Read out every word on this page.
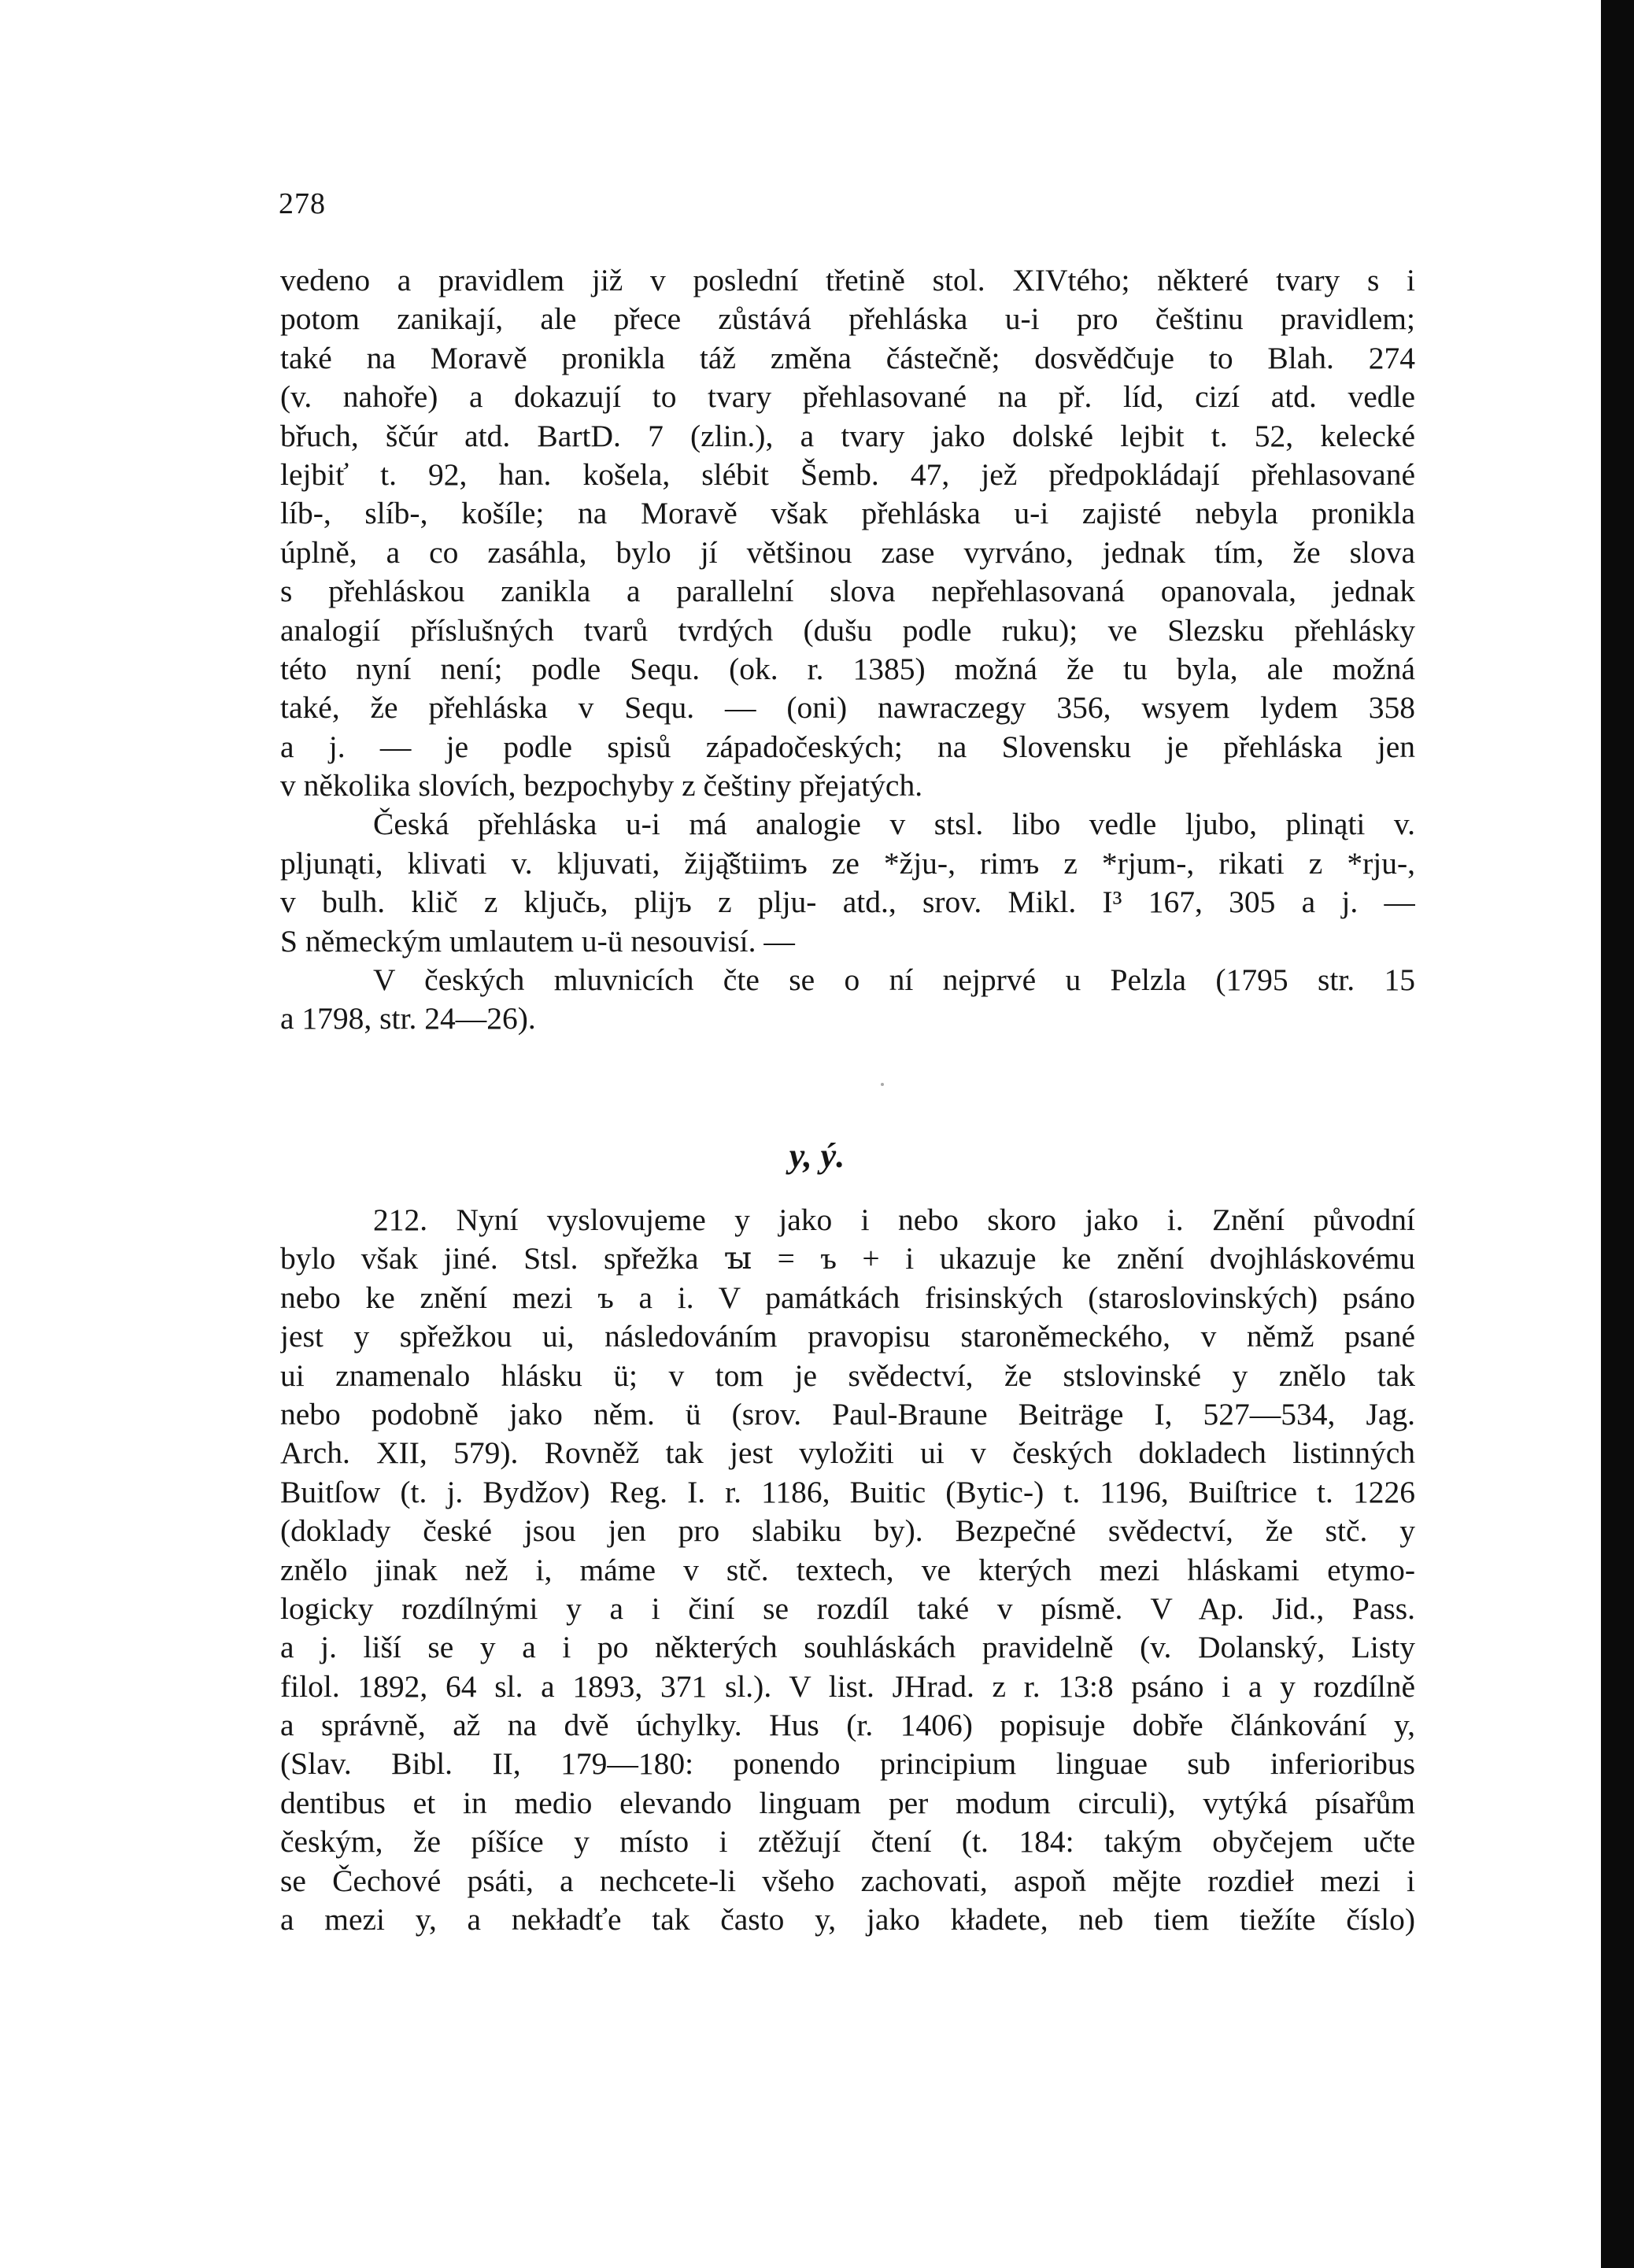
278
vedeno a pravidlem již v poslední třetině stol. XIVtého; některé tvary s i
potom zanikají, ale přece zůstává přehláska u-i pro češtinu pravidlem;
také na Moravě pronikla táž změna částečně; dosvědčuje to Blah. 274
(v. nahoře) a dokazují to tvary přehlasované na př. líd, cizí atd. vedle
břuch, ščúr atd. BartD. 7 (zlin.), a tvary jako dolské lejbit t. 52, kelecké
lejbiť t. 92, han. košela, slébit Šemb. 47, jež předpokládají přehlasované
líb-, slíb-, košíle; na Moravě však přehláska u-i zajisté nebyla pronikla
úplně, a co zasáhla, bylo jí většinou zase vyrváno, jednak tím, že slova
s přehláskou zanikla a parallelní slova nepřehlasovaná opanovala, jednak
analogií příslušných tvarů tvrdých (dušu podle ruku); ve Slezsku přehlásky
této nyní není; podle Sequ. (ok. r. 1385) možná že tu byla, ale možná
také, že přehláska v Sequ. — (oni) nawraczegy 356, wsyem lydem 358
a j. — je podle spisů západočeských; na Slovensku je přehláska jen
v několika slovích, bezpochyby z češtiny přejatých.
Česká přehláska u-i má analogie v stsl. libo vedle ljubo, plinąti v.
pljunąti, klivati v. kljuvati, žiją̌štiimъ ze *žju-, rimъ z *rjum-, rikati z *rju-,
v bulh. klič z ključь, plijъ z plju- atd., srov. Mikl. I³ 167, 305 a j. —
S německým umlautem u-ü nesouvisí. —
V českých mluvnicích čte se o ní nejprvé u Pelzla (1795 str. 15
a 1798, str. 24—26).
y, ý.
212. Nyní vyslovujeme y jako i nebo skoro jako i. Znění původní
bylo však jiné. Stsl. spřežka ꙑ = ъ + i ukazuje ke znění dvojhláskovému
nebo ke znění mezi ъ a i. V památkách frisinských (staroslovinských) psáno
jest y spřežkou ui, následováním pravopisu staroněmeckého, v němž psané
ui znamenalo hlásku ü; v tom je svědectví, že stslovinské y znělo tak
nebo podobně jako něm. ü (srov. Paul-Braune Beiträge I, 527—534, Jag.
Arch. XII, 579). Rovněž tak jest vyložiti ui v českých dokladech listinných
Buitſow (t. j. Bydžov) Reg. I. r. 1186, Buitic (Bytic-) t. 1196, Buiſtrice t. 1226
(doklady české jsou jen pro slabiku by). Bezpečné svědectví, že stč. y
znělo jinak než i, máme v stč. textech, ve kterých mezi hláskami etymo-
logicky rozdílnými y a i činí se rozdíl také v písmě. V Ap. Jid., Pass.
a j. liší se y a i po některých souhláskách pravidelně (v. Dolanský, Listy
filol. 1892, 64 sl. a 1893, 371 sl.). V list. JHrad. z r. 13:8 psáno i a y rozdílně
a správně, až na dvě úchylky. Hus (r. 1406) popisuje dobře článkování y,
(Slav. Bibl. II, 179—180: ponendo principium linguae sub inferioribus
dentibus et in medio elevando linguam per modum circuli), vytýká písařům
českým, že píšíce y místo i ztěžují čtení (t. 184: takým obyčejem učte
se Čechové psáti, a nechcete-li všeho zachovati, aspoň mějte rozdieł mezi i
a mezi y, a nekładťe tak často y, jako kładete, neb tiem tiežíte číslo)
